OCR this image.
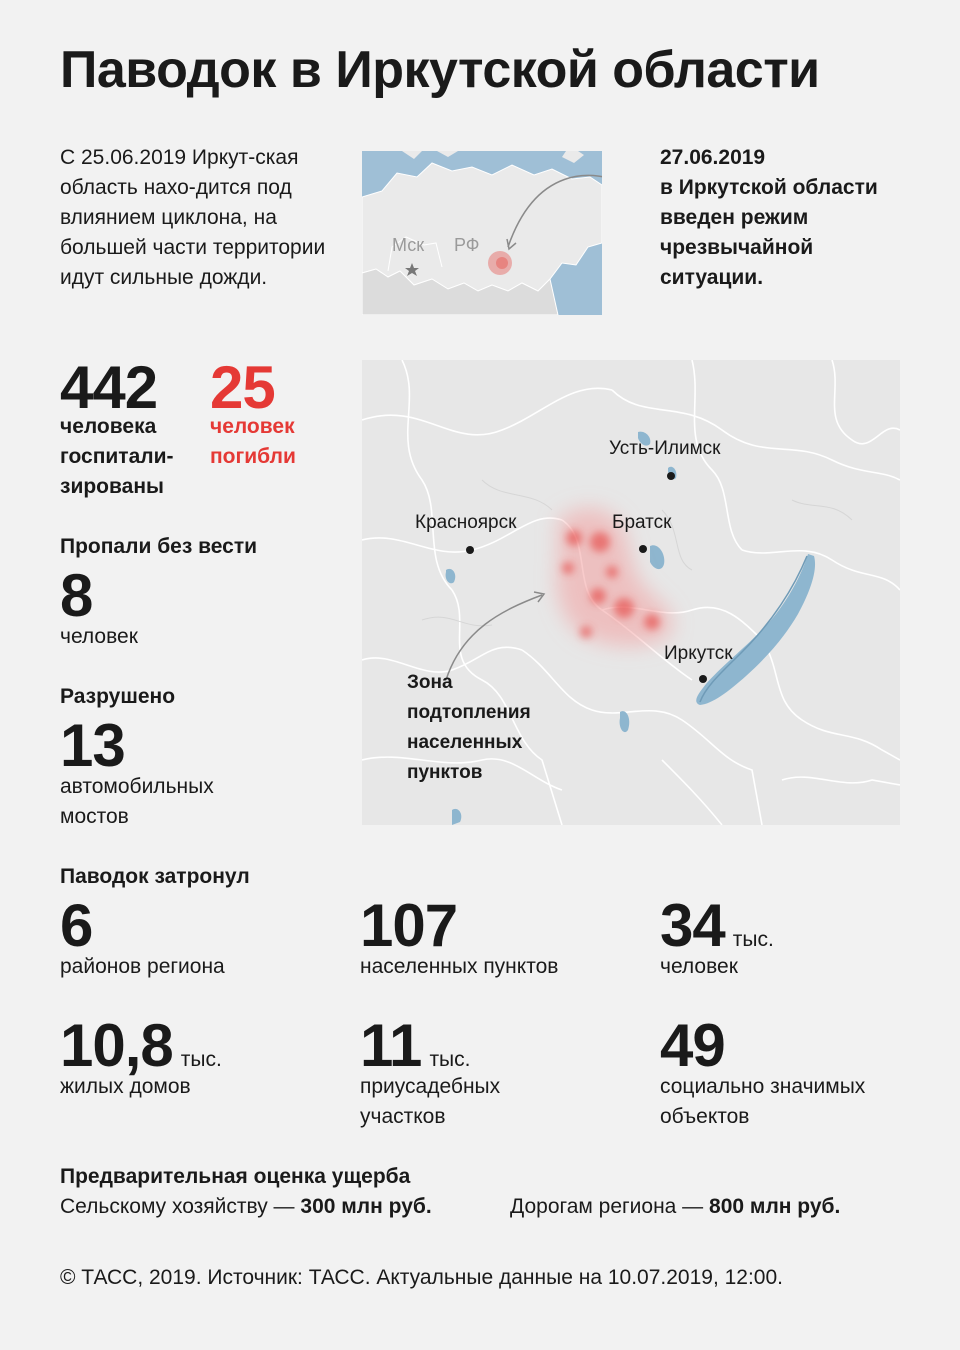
Паводок в Иркутской области
С 25.06.2019 Иркут-ская область нахо-дится под влиянием циклона, на большей части территории идут сильные дожди.
Мск РФ
27.06.2019
в Иркутской области введен режим чрезвычайной ситуации.
442
человека госпитали-зированы
25
человек погибли
Пропали без вести
8
человек
Разрушено
13
автомобильных мостов
Усть-Илимск
Красноярск	Братск
Иркутск
Зона подтопления населенных пунктов
Паводок затронул
6
районов региона
107
населенных пунктов
34 тыс.
человек
10,8 тыс.
жилых домов
11 тыс.
приусадебных участков
49
социально значимых объектов
Предварительная оценка ущерба
Сельскому хозяйству — 300 млн руб.	Дорогам региона — 800 млн руб.
© ТАСС, 2019. Источник: ТАСС. Актуальные данные на 10.07.2019, 12:00.
